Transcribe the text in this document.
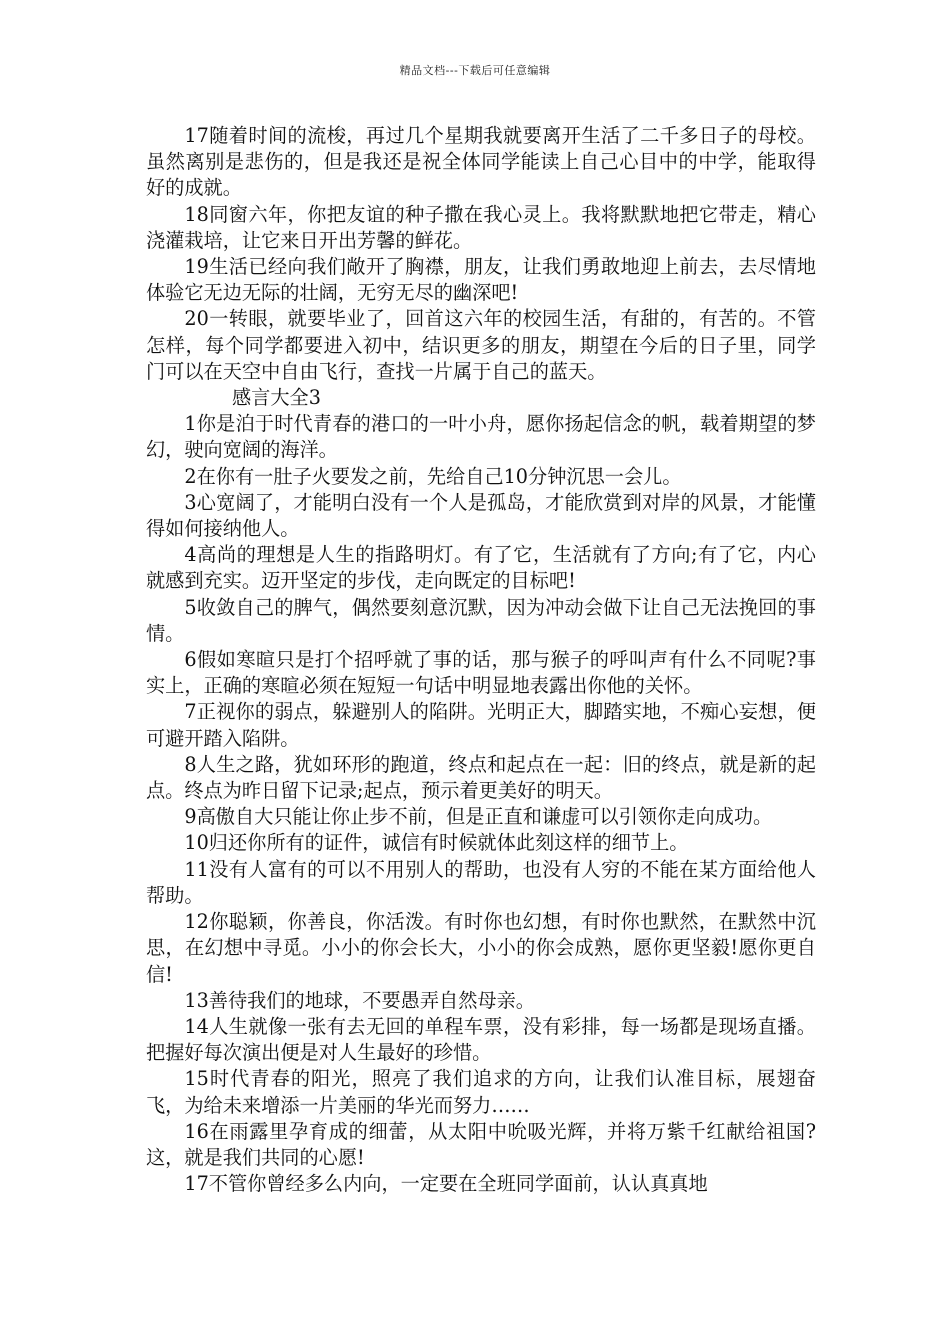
精品文档---下载后可任意编辑

17随着时间的流梭，再过几个星期我就要离开生活了二千多日子的母校。虽然离别是悲伤的，但是我还是祝全体同学能读上自己心目中的中学，能取得好的成就。

18同窗六年，你把友谊的种子撒在我心灵上。我将默默地把它带走，精心浇灌栽培，让它来日开出芳馨的鲜花。

19生活已经向我们敞开了胸襟，朋友，让我们勇敢地迎上前去，去尽情地体验它无边无际的壮阔，无穷无尽的幽深吧!

20一转眼，就要毕业了，回首这六年的校园生活，有甜的，有苦的。不管怎样，每个同学都要进入初中，结识更多的朋友，期望在今后的日子里，同学门可以在天空中自由飞行，查找一片属于自己的蓝天。

感言大全3

1你是泊于时代青春的港口的一叶小舟，愿你扬起信念的帆，载着期望的梦幻，驶向宽阔的海洋。

2在你有一肚子火要发之前，先给自己10分钟沉思一会儿。

3心宽阔了，才能明白没有一个人是孤岛，才能欣赏到对岸的风景，才能懂得如何接纳他人。

4高尚的理想是人生的指路明灯。有了它，生活就有了方向;有了它，内心就感到充实。迈开坚定的步伐，走向既定的目标吧!

5收敛自己的脾气，偶然要刻意沉默，因为冲动会做下让自己无法挽回的事情。

6假如寒暄只是打个招呼就了事的话，那与猴子的呼叫声有什么不同呢?事实上，正确的寒暄必须在短短一句话中明显地表露出你他的关怀。

7正视你的弱点，躲避别人的陷阱。光明正大，脚踏实地，不痴心妄想，便可避开踏入陷阱。

8人生之路，犹如环形的跑道，终点和起点在一起：旧的终点，就是新的起点。终点为昨日留下记录;起点，预示着更美好的明天。

9高傲自大只能让你止步不前，但是正直和谦虚可以引领你走向成功。

10归还你所有的证件，诚信有时候就体此刻这样的细节上。

11没有人富有的可以不用别人的帮助，也没有人穷的不能在某方面给他人帮助。

12你聪颖，你善良，你活泼。有时你也幻想，有时你也默然，在默然中沉思，在幻想中寻觅。小小的你会长大，小小的你会成熟，愿你更坚毅!愿你更自信!

13善待我们的地球，不要愚弄自然母亲。

14人生就像一张有去无回的单程车票，没有彩排，每一场都是现场直播。把握好每次演出便是对人生最好的珍惜。

15时代青春的阳光，照亮了我们追求的方向，让我们认准目标，展翅奋飞，为给未来增添一片美丽的华光而努力……

16在雨露里孕育成的细蕾，从太阳中吮吸光辉，并将万紫千红献给祖国?这，就是我们共同的心愿!

17不管你曾经多么内向，一定要在全班同学面前，认认真真地
